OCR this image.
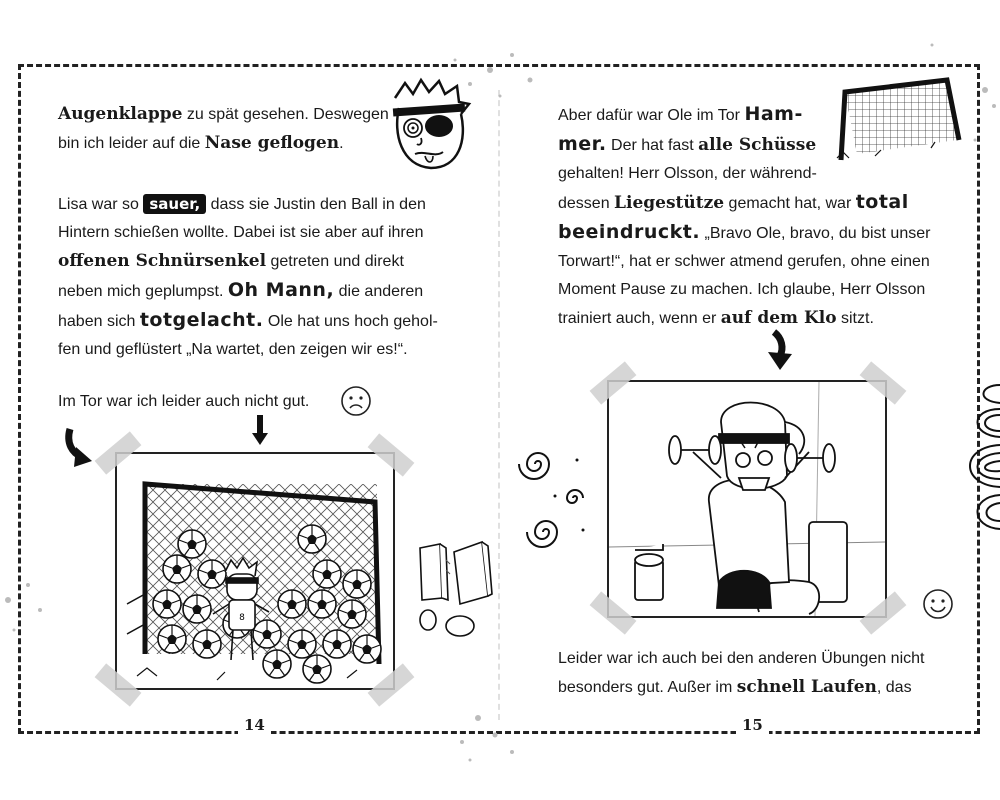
Augenklappe zu spät gesehen. Deswegen
bin ich leider auf die Nase geflogen.
Lisa war so sauer, dass sie Justin den Ball in den
Hintern schießen wollte. Dabei ist sie aber auf ihren
offenen Schnürsenkel getreten und direkt
neben mich geplumpst. Oh Mann, die anderen
haben sich totgelacht. Ole hat uns hoch gehol-
fen und geflüstert „Na wartet, den zeigen wir es!“.
Im Tor war ich leider auch nicht gut.
8
14
Aber dafür war Ole im Tor Ham-
mer. Der hat fast alle Schüsse
gehalten! Herr Olsson, der während-
dessen Liegestütze gemacht hat, war total
beeindruckt. „Bravo Ole, bravo, du bist unser
Torwart!“, hat er schwer atmend gerufen, ohne einen
Moment Pause zu machen. Ich glaube, Herr Olsson
trainiert auch, wenn er auf dem Klo sitzt.
Leider war ich auch bei den anderen Übungen nicht
besonders gut. Außer im schnell Laufen, das
15
